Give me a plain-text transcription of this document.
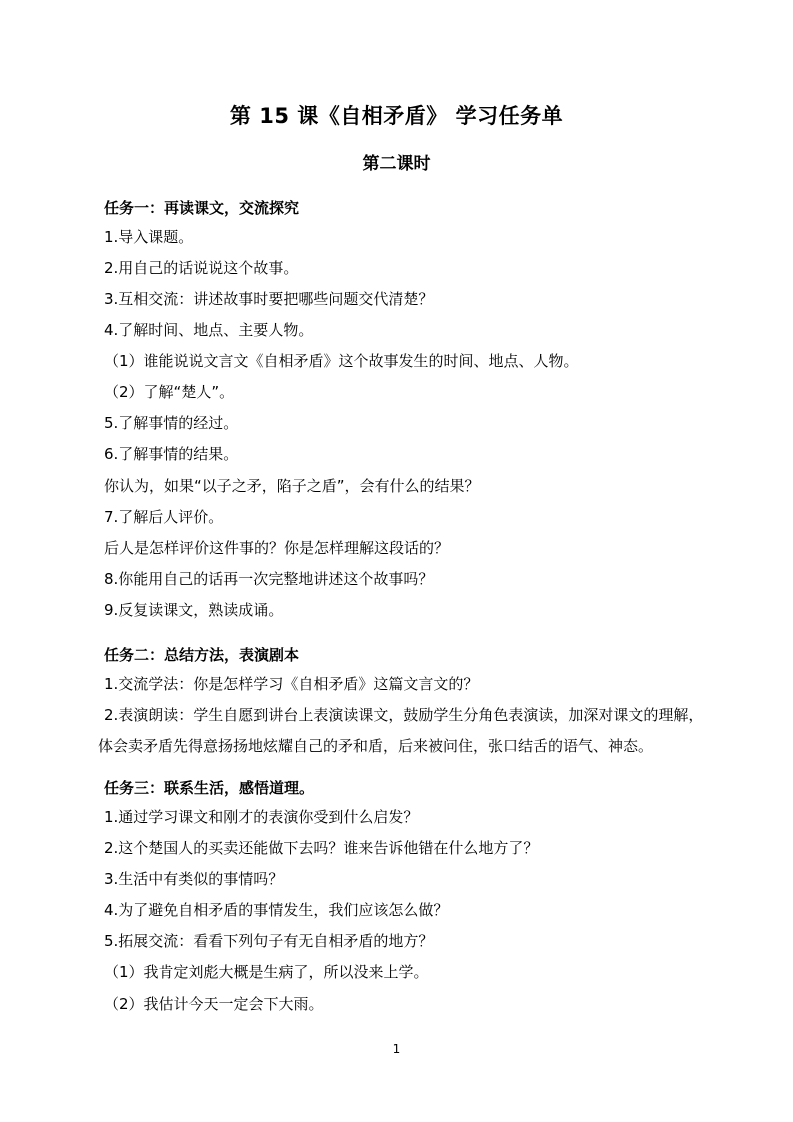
第 15 课《自相矛盾》 学习任务单
第二课时
任务一：再读课文，交流探究
1.导入课题。
2.用自己的话说说这个故事。
3.互相交流：讲述故事时要把哪些问题交代清楚？
4.了解时间、地点、主要人物。
（1）谁能说说文言文《自相矛盾》这个故事发生的时间、地点、人物。
（2）了解“楚人”。
5.了解事情的经过。
6.了解事情的结果。
你认为，如果“以子之矛，陷子之盾”，会有什么的结果？
7.了解后人评价。
后人是怎样评价这件事的？你是怎样理解这段话的？
8.你能用自己的话再一次完整地讲述这个故事吗？
9.反复读课文，熟读成诵。
任务二：总结方法，表演剧本
1.交流学法：你是怎样学习《自相矛盾》这篇文言文的？
2.表演朗读：学生自愿到讲台上表演读课文，鼓励学生分角色表演读，加深对课文的理解，
体会卖矛盾先得意扬扬地炫耀自己的矛和盾，后来被问住，张口结舌的语气、神态。
任务三：联系生活，感悟道理。
1.通过学习课文和刚才的表演你受到什么启发？
2.这个楚国人的买卖还能做下去吗？谁来告诉他错在什么地方了？
3.生活中有类似的事情吗？
4.为了避免自相矛盾的事情发生，我们应该怎么做？
5.拓展交流：看看下列句子有无自相矛盾的地方？
（1）我肯定刘彪大概是生病了，所以没来上学。
（2）我估计今天一定会下大雨。
1
